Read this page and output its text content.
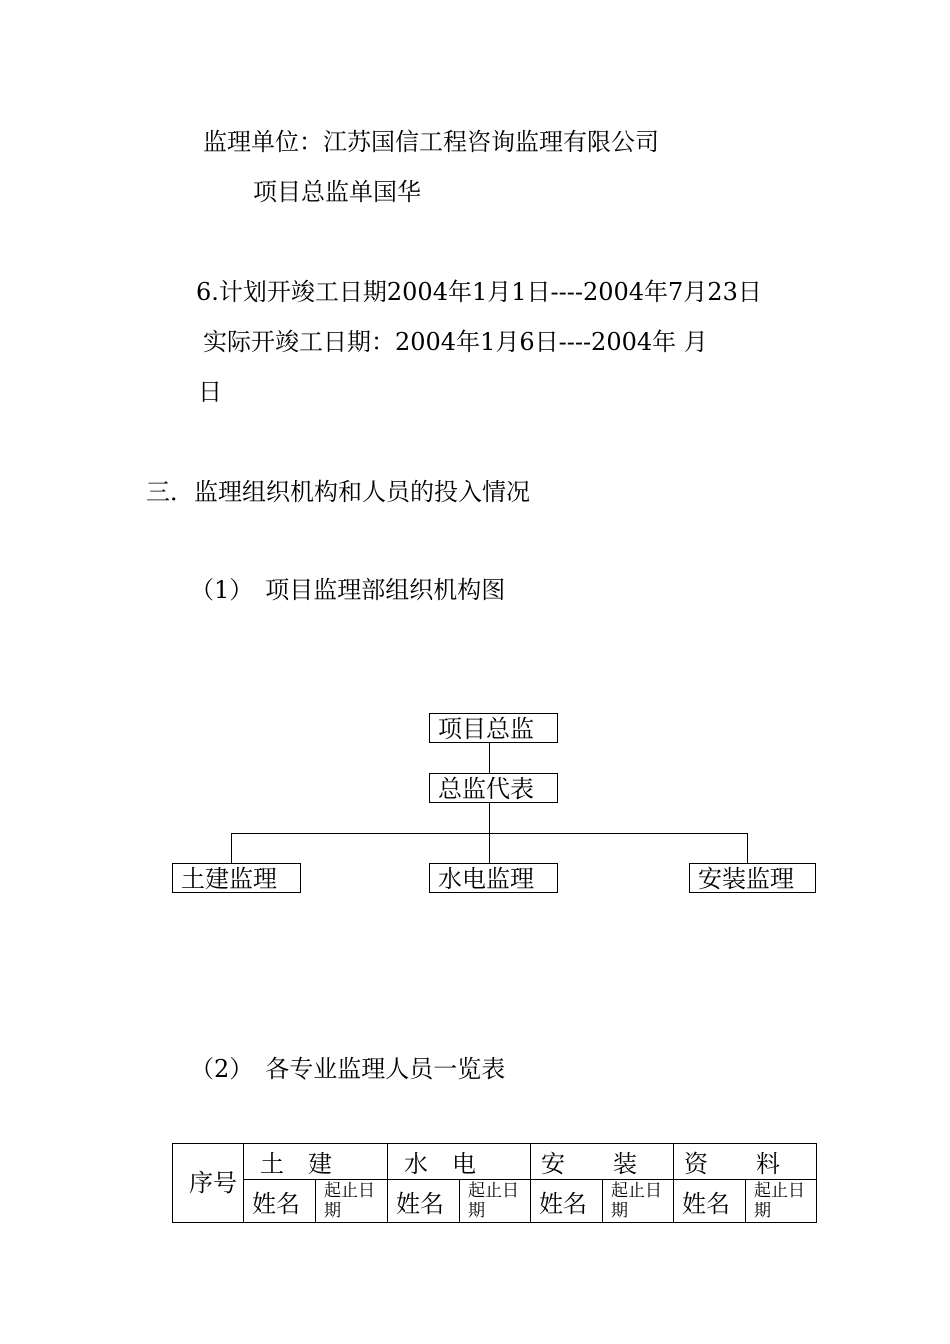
监理单位：江苏国信工程咨询监理有限公司
项目总监单国华
6.计划开竣工日期2004年1月1日----2004年7月23日
实际开竣工日期：2004年1月6日----2004年 月
日
三．监理组织机构和人员的投入情况
（1）　项目监理部组织机构图
项目总监
总监代表
土建监理	水电监理	安装监理
（2）　各专业监理人员一览表
序号	土　建		水　电		安　　装		资　　料	
	姓名	起止日期	姓名	起止日期	姓名	起止日期	姓名	起止日期
